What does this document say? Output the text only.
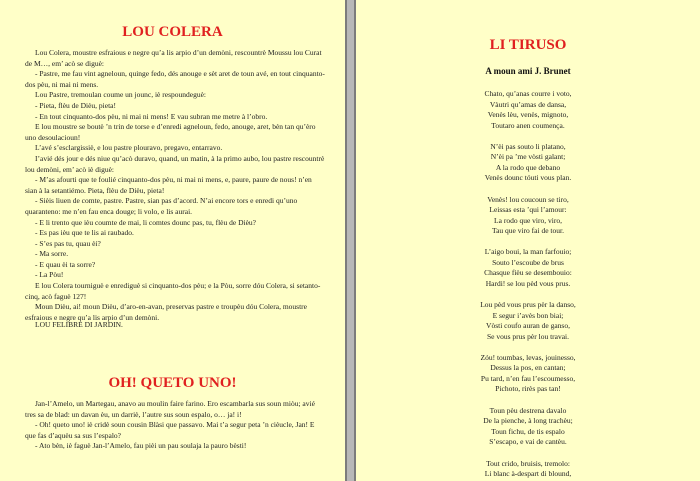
LOU COLERA

Lou Colera, moustre esfraious e negre qu’a lis arpio d’un demòni, rescountrè Moussu lou Curat de M…, em’ acò se diguè:

- Pastre, me fau vint agneloun, quinge fedo, dés anouge e sèt aret de toun avé, en tout cinquanto-dos pèu, ni mai ni mens.

Lou Pastre, tremoulan coume un jounc, iè respoundeguè:

- Pieta, flèu de Dièu, pieta!

- En tout cinquanto-dos pèu, ni mai ni mens! E vau subran me metre à l’obro.

E lou moustre se boutè ’n trin de torse e d’enredi agneloun, fedo, anouge, aret, bèn tan qu’èro uno desoulacioun!

L’avé s’esclargissiè, e lou pastre plouravo, pregavo, entarravo.

I’avié dés jour e dés niue qu’acò duravo, quand, un matin, à la primo aubo, lou pastre rescountrè lou demòni, em’ acò iè diguè:

- M’as afourti que te foulié cinquanto-dos pèu, ni mai ni mens, e, paure, paure de nous! n’en sian à la setantiémo. Pieta, flèu de Dièu, pieta!

- Sièis liuen de comte, pastre. Pastre, sian pas d’acord. N’ai encore tors e enredi qu’uno quaranteno: me n’en fau enca douge; li volo, e lis aurai.

- E li trento que ièu coumte de mai, li comtes dounc pas, tu, flèu de Dièu?

- Es pas ièu que te lis ai raubado.

- S’es pas tu, quau èi?

- Ma sorre.

- E quau èi ta sorre?

- La Pòu!

E lou Colera tourniguè e enrediguè si cinquanto-dos pèu; e la Pòu, sorre dóu Colera, si setanto-cinq, acò faguè 127!

Moun Dièu, ai! moun Dièu, d’aro-en-avan, preservas pastre e troupèu dóu Colera, moustre esfraious e negre qu’a lis arpio d’un demòni.

LOU FELIBRE DI JARDIN.
OH! QUETO UNO!

Jan-l’Amelo, un Martegau, anavo au moulin faire farino. Ero escambarla sus soun miòu; avié tres sa de blad: un davan èu, un darriè, l’autre sus soun espalo, o… ja! i!

- Oh! queto uno! iè cridè soun cousin Blàsi que passavo. Mai t’a segur peta ’n cièucle, Jan! E que fas d’aquèu sa sus l’espalo?

- Ato bèn, iè faguè Jan-l’Amelo, fau pièi un pau soulaja la pauro bèsti!

LI TIRUSO
A moun ami J. Brunet
Chato, qu’anas courre i voto,
Vàutri qu’amas de dansa,
Venès lèu, venès, mignoto,
Toutaro anen coumença.
N’èi pas souto li platano,
N’èi pa ’me vòsti galant;
A la rodo que debano
Venès dounc tóuti vous plan.
Venès! lou coucoun se tiro,
Leissas esta ’qui l’amour:
La rodo que viro, viro,
Tau que viro fai de tour.
L’aigo boui, la man farfouio;
Souto l’escoube de brus
Chasque fièu se desembouio:
Hardi! se lou pèd vous prus.
Lou pèd vous prus pèr la danso,
E segur i’avès bon biai;
Vòsti coufo auran de ganso,
Se vous prus pèr lou travai.
Zóu! toumbas, levas, jouinesso,
Dessus la pos, en cantan;
Pu tard, n’en fau l’escoumesso,
Pichoto, rirès pas tan!
Toun pèu destrena davalo
De la pienche, à long trachèu;
Toun fichu, de tis espalo
S’escapo, e vai de cantèu.
Tout crido, bruisis, tremolo:
Li blanc à-despart di blound,
